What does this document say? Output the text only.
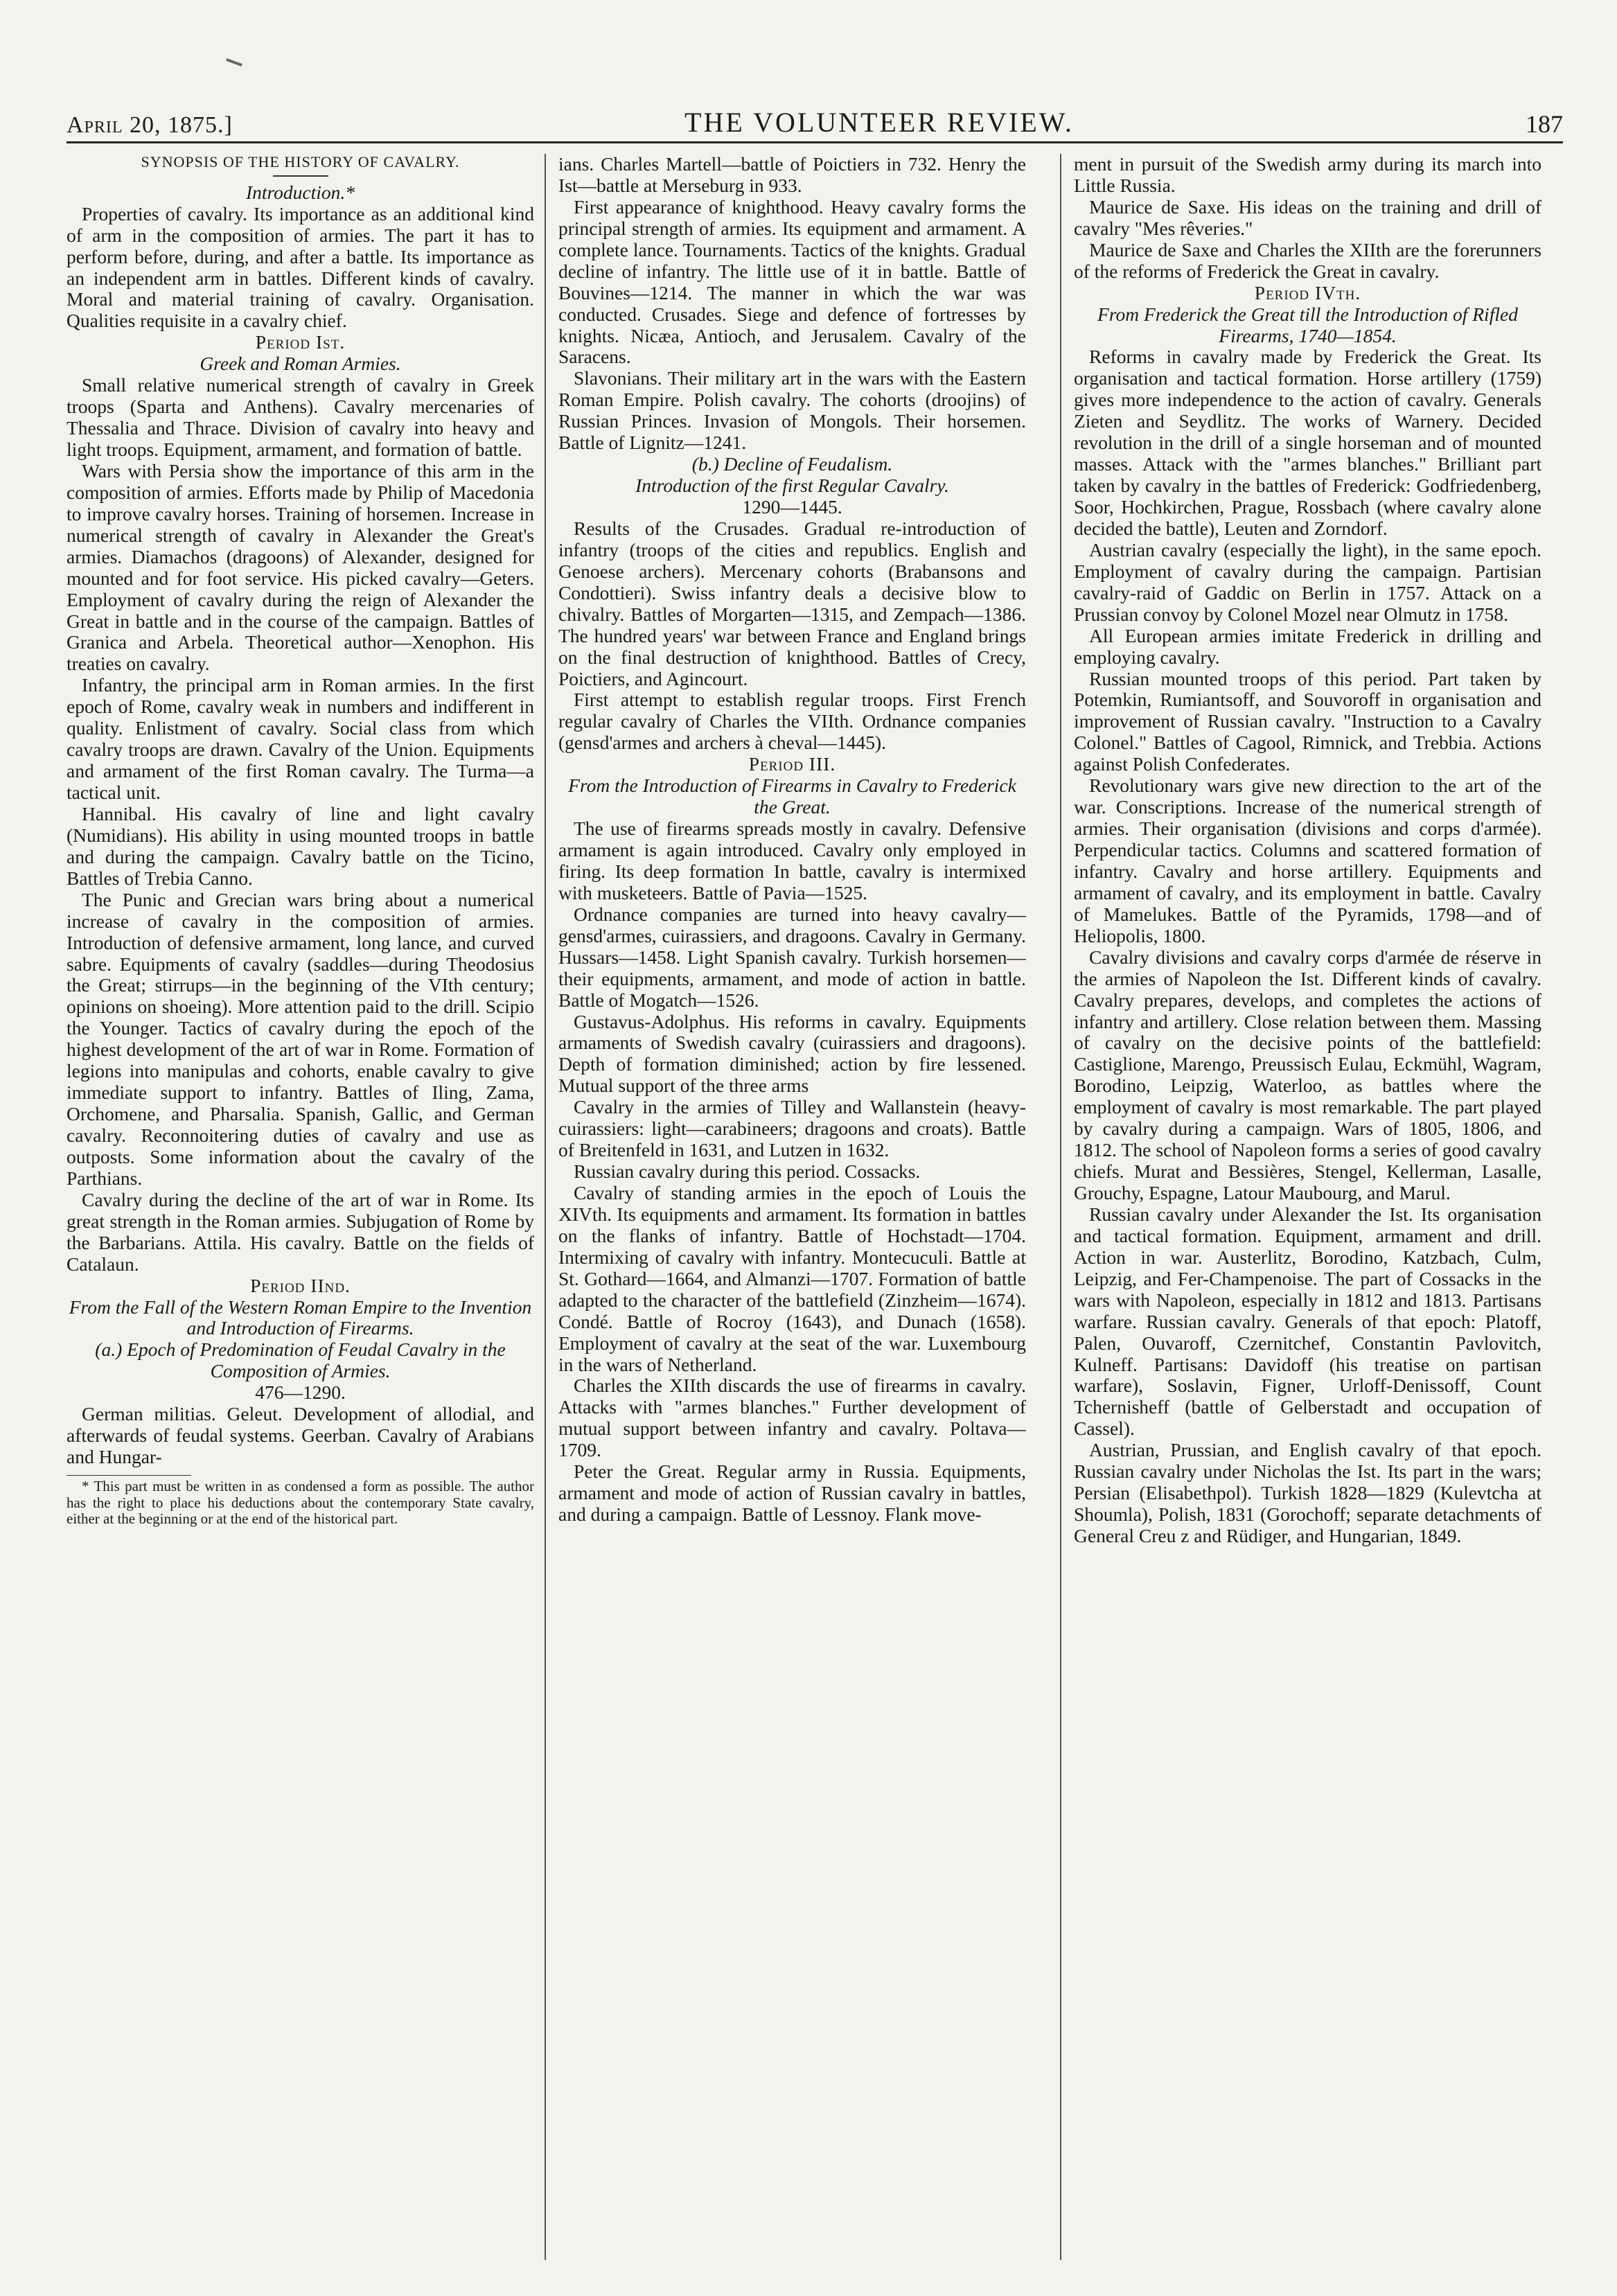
April 20, 1875.]	THE VOLUNTEER REVIEW.	187

SYNOPSIS OF THE HISTORY OF CAVALRY.

Introduction.*

Properties of cavalry. Its importance as an additional kind of arm in the composition of armies. The part it has to perform before, during, and after a battle. Its importance as an independent arm in battles. Different kinds of cavalry. Moral and material training of cavalry. Organisation. Qualities requisite in a cavalry chief.

Period Ist.

Greek and Roman Armies.

Small relative numerical strength of cavalry in Greek troops (Sparta and Anthens). Cavalry mercenaries of Thessalia and Thrace. Division of cavalry into heavy and light troops. Equipment, armament, and formation of battle.

Wars with Persia show the importance of this arm in the composition of armies. Efforts made by Philip of Macedonia to improve cavalry horses. Training of horsemen. Increase in numerical strength of cavalry in Alexander the Great's armies. Diamachos (dragoons) of Alexander, designed for mounted and for foot service. His picked cavalry—Geters. Employment of cavalry during the reign of Alexander the Great in battle and in the course of the campaign. Battles of Granica and Arbela. Theoretical author—Xenophon. His treaties on cavalry.

Infantry, the principal arm in Roman armies. In the first epoch of Rome, cavalry weak in numbers and indifferent in quality. Enlistment of cavalry. Social class from which cavalry troops are drawn. Cavalry of the Union. Equipments and armament of the first Roman cavalry. The Turma—a tactical unit.

Hannibal. His cavalry of line and light cavalry (Numidians). His ability in using mounted troops in battle and during the campaign. Cavalry battle on the Ticino, Battles of Trebia Canno.

The Punic and Grecian wars bring about a numerical increase of cavalry in the composition of armies. Introduction of defensive armament, long lance, and curved sabre. Equipments of cavalry (saddles—during Theodosius the Great; stirrups—in the beginning of the VIth century; opinions on shoeing). More attention paid to the drill. Scipio the Younger. Tactics of cavalry during the epoch of the highest development of the art of war in Rome. Formation of legions into manipulas and cohorts, enable cavalry to give immediate support to infantry. Battles of Iling, Zama, Orchomene, and Pharsalia. Spanish, Gallic, and German cavalry. Reconnoitering duties of cavalry and use as outposts. Some information about the cavalry of the Parthians.

Cavalry during the decline of the art of war in Rome. Its great strength in the Roman armies. Subjugation of Rome by the Barbarians. Attila. His cavalry. Battle on the fields of Catalaun.

Period IInd.

From the Fall of the Western Roman Empire to the Invention and Introduction of Firearms.

(a.) Epoch of Predomination of Feudal Cavalry in the Composition of Armies.

476—1290.

German militias. Geleut. Development of allodial, and afterwards of feudal systems. Geerban. Cavalry of Arabians and Hungar-

* This part must be written in as condensed a form as possible. The author has the right to place his deductions about the contemporary State cavalry, either at the beginning or at the end of the historical part.

ians. Charles Martell—battle of Poictiers in 732. Henry the Ist—battle at Merseburg in 933.

First appearance of knighthood. Heavy cavalry forms the principal strength of armies. Its equipment and armament. A complete lance. Tournaments. Tactics of the knights. Gradual decline of infantry. The little use of it in battle. Battle of Bouvines—1214. The manner in which the war was conducted. Crusades. Siege and defence of fortresses by knights. Nicæa, Antioch, and Jerusalem. Cavalry of the Saracens.

Slavonians. Their military art in the wars with the Eastern Roman Empire. Polish cavalry. The cohorts (droojins) of Russian Princes. Invasion of Mongols. Their horsemen. Battle of Lignitz—1241.

(b.) Decline of Feudalism.

Introduction of the first Regular Cavalry.

1290—1445.

Results of the Crusades. Gradual re-introduction of infantry (troops of the cities and republics. English and Genoese archers). Mercenary cohorts (Brabansons and Condottieri). Swiss infantry deals a decisive blow to chivalry. Battles of Morgarten—1315, and Zempach—1386. The hundred years' war between France and England brings on the final destruction of knighthood. Battles of Crecy, Poictiers, and Agincourt.

First attempt to establish regular troops. First French regular cavalry of Charles the VIIth. Ordnance companies (gensd'armes and archers à cheval—1445).

Period III.

From the Introduction of Firearms in Cavalry to Frederick the Great.

The use of firearms spreads mostly in cavalry. Defensive armament is again introduced. Cavalry only employed in firing. Its deep formation In battle, cavalry is intermixed with musketeers. Battle of Pavia—1525.

Ordnance companies are turned into heavy cavalry—gensd'armes, cuirassiers, and dragoons. Cavalry in Germany. Hussars—1458. Light Spanish cavalry. Turkish horsemen—their equipments, armament, and mode of action in battle. Battle of Mogatch—1526.

Gustavus-Adolphus. His reforms in cavalry. Equipments armaments of Swedish cavalry (cuirassiers and dragoons). Depth of formation diminished; action by fire lessened. Mutual support of the three arms

Cavalry in the armies of Tilley and Wallanstein (heavy- cuirassiers: light—carabineers; dragoons and croats). Battle of Breitenfeld in 1631, and Lutzen in 1632.

Russian cavalry during this period. Cossacks.

Cavalry of standing armies in the epoch of Louis the XIVth. Its equipments and armament. Its formation in battles on the flanks of infantry. Battle of Hochstadt—1704. Intermixing of cavalry with infantry. Montecuculi. Battle at St. Gothard—1664, and Almanzi—1707. Formation of battle adapted to the character of the battlefield (Zinzheim—1674). Condé. Battle of Rocroy (1643), and Dunach (1658). Employment of cavalry at the seat of the war. Luxembourg in the wars of Netherland.

Charles the XIIth discards the use of firearms in cavalry. Attacks with "armes blanches." Further development of mutual support between infantry and cavalry. Poltava—1709.

Peter the Great. Regular army in Russia. Equipments, armament and mode of action of Russian cavalry in battles, and during a campaign. Battle of Lessnoy. Flank move-

ment in pursuit of the Swedish army during its march into Little Russia.

Maurice de Saxe. His ideas on the training and drill of cavalry "Mes rêveries."

Maurice de Saxe and Charles the XIIth are the forerunners of the reforms of Frederick the Great in cavalry.

Period IVth.

From Frederick the Great till the Introduction of Rifled Firearms, 1740—1854.

Reforms in cavalry made by Frederick the Great. Its organisation and tactical formation. Horse artillery (1759) gives more independence to the action of cavalry. Generals Zieten and Seydlitz. The works of Warnery. Decided revolution in the drill of a single horseman and of mounted masses. Attack with the "armes blanches." Brilliant part taken by cavalry in the battles of Frederick: Godfriedenberg, Soor, Hochkirchen, Prague, Rossbach (where cavalry alone decided the battle), Leuten and Zorndorf.

Austrian cavalry (especially the light), in the same epoch. Employment of cavalry during the campaign. Partisian cavalry-raid of Gaddic on Berlin in 1757. Attack on a Prussian convoy by Colonel Mozel near Olmutz in 1758.

All European armies imitate Frederick in drilling and employing cavalry.

Russian mounted troops of this period. Part taken by Potemkin, Rumiantsoff, and Souvoroff in organisation and improvement of Russian cavalry. "Instruction to a Cavalry Colonel." Battles of Cagool, Rimnick, and Trebbia. Actions against Polish Confederates.

Revolutionary wars give new direction to the art of the war. Conscriptions. Increase of the numerical strength of armies. Their organisation (divisions and corps d'armée). Perpendicular tactics. Columns and scattered formation of infantry. Cavalry and horse artillery. Equipments and armament of cavalry, and its employment in battle. Cavalry of Mamelukes. Battle of the Pyramids, 1798—and of Heliopolis, 1800.

Cavalry divisions and cavalry corps d'armée de réserve in the armies of Napoleon the Ist. Different kinds of cavalry. Cavalry prepares, develops, and completes the actions of infantry and artillery. Close relation between them. Massing of cavalry on the decisive points of the battlefield: Castiglione, Marengo, Preussisch Eulau, Eckmühl, Wagram, Borodino, Leipzig, Waterloo, as battles where the employment of cavalry is most remarkable. The part played by cavalry during a campaign. Wars of 1805, 1806, and 1812. The school of Napoleon forms a series of good cavalry chiefs. Murat and Bessières, Stengel, Kellerman, Lasalle, Grouchy, Espagne, Latour Maubourg, and Marul.

Russian cavalry under Alexander the Ist. Its organisation and tactical formation. Equipment, armament and drill. Action in war. Austerlitz, Borodino, Katzbach, Culm, Leipzig, and Fer-Champenoise. The part of Cossacks in the wars with Napoleon, especially in 1812 and 1813. Partisans warfare. Russian cavalry. Generals of that epoch: Platoff, Palen, Ouvaroff, Czernitchef, Constantin Pavlovitch, Kulneff. Partisans: Davidoff (his treatise on partisan warfare), Soslavin, Figner, Urloff-Denissoff, Count Tchernisheff (battle of Gelberstadt and occupation of Cassel).

Austrian, Prussian, and English cavalry of that epoch. Russian cavalry under Nicholas the Ist. Its part in the wars; Persian (Elisabethpol). Turkish 1828—1829 (Kulevtcha at Shoumla), Polish, 1831 (Gorochoff; separate detachments of General Creu z and Rüdiger, and Hungarian, 1849.
